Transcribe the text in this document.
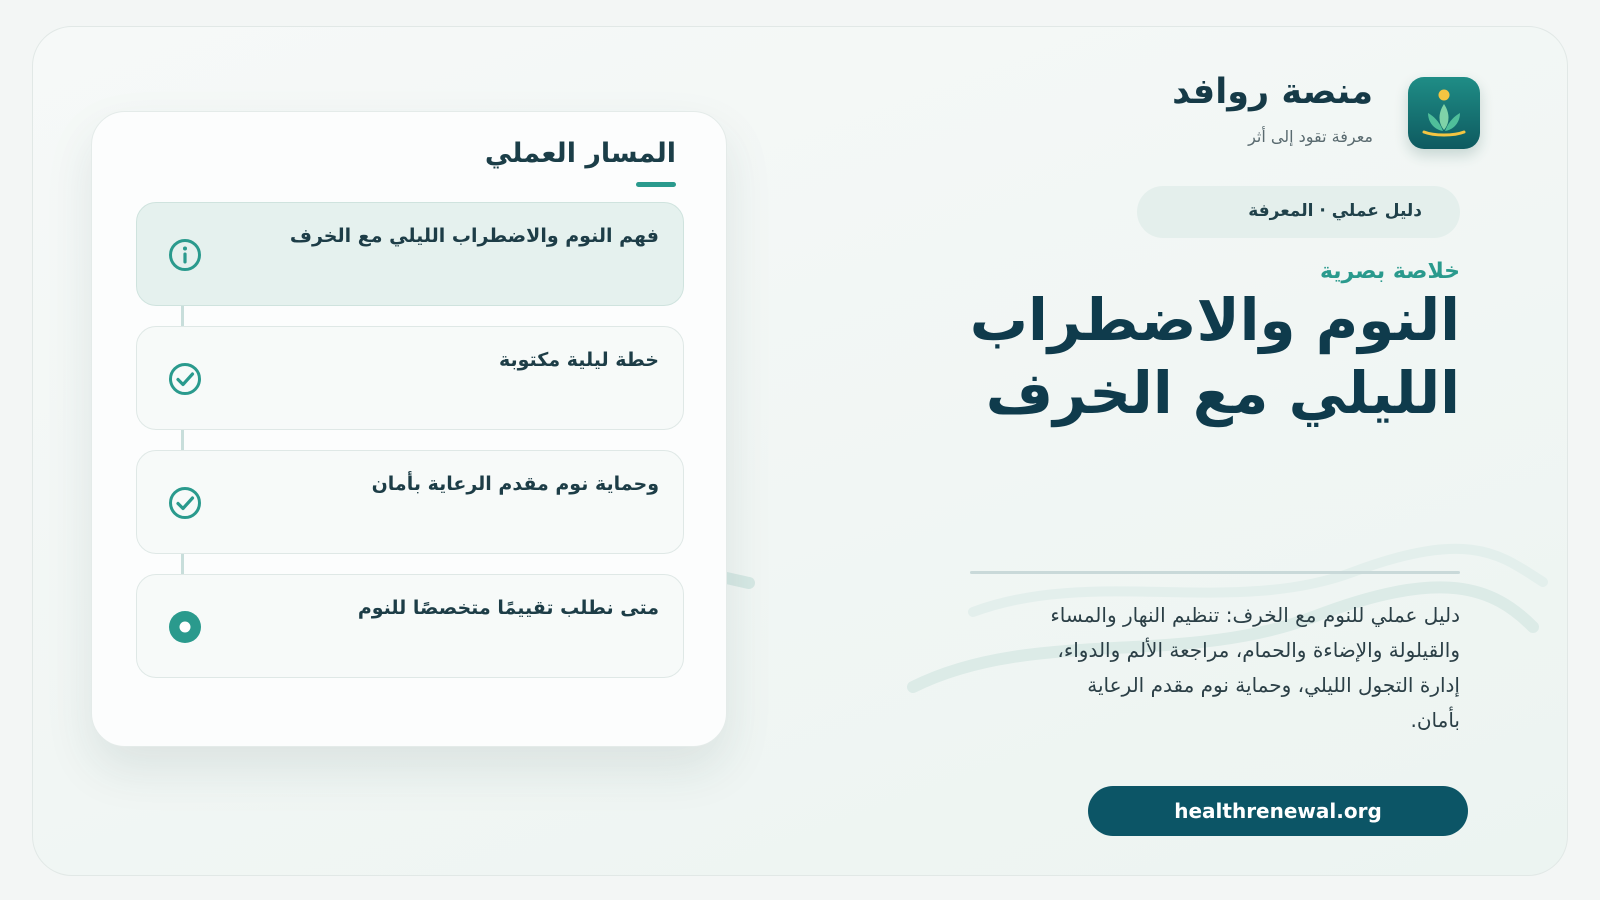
المسار العملي
فهم النوم والاضطراب الليلي مع الخرف
خطة ليلية مكتوبة
وحماية نوم مقدم الرعاية بأمان
متى نطلب تقييمًا متخصصًا للنوم
منصة روافد
معرفة تقود إلى أثر
دليل عملي · المعرفة
خلاصة بصرية
النوم والاضطراب الليلي مع الخرف
دليل عملي للنوم مع الخرف: تنظيم النهار والمساء والقيلولة والإضاءة والحمام، مراجعة الألم والدواء، إدارة التجول الليلي، وحماية نوم مقدم الرعاية بأمان.
healthrenewal.org
